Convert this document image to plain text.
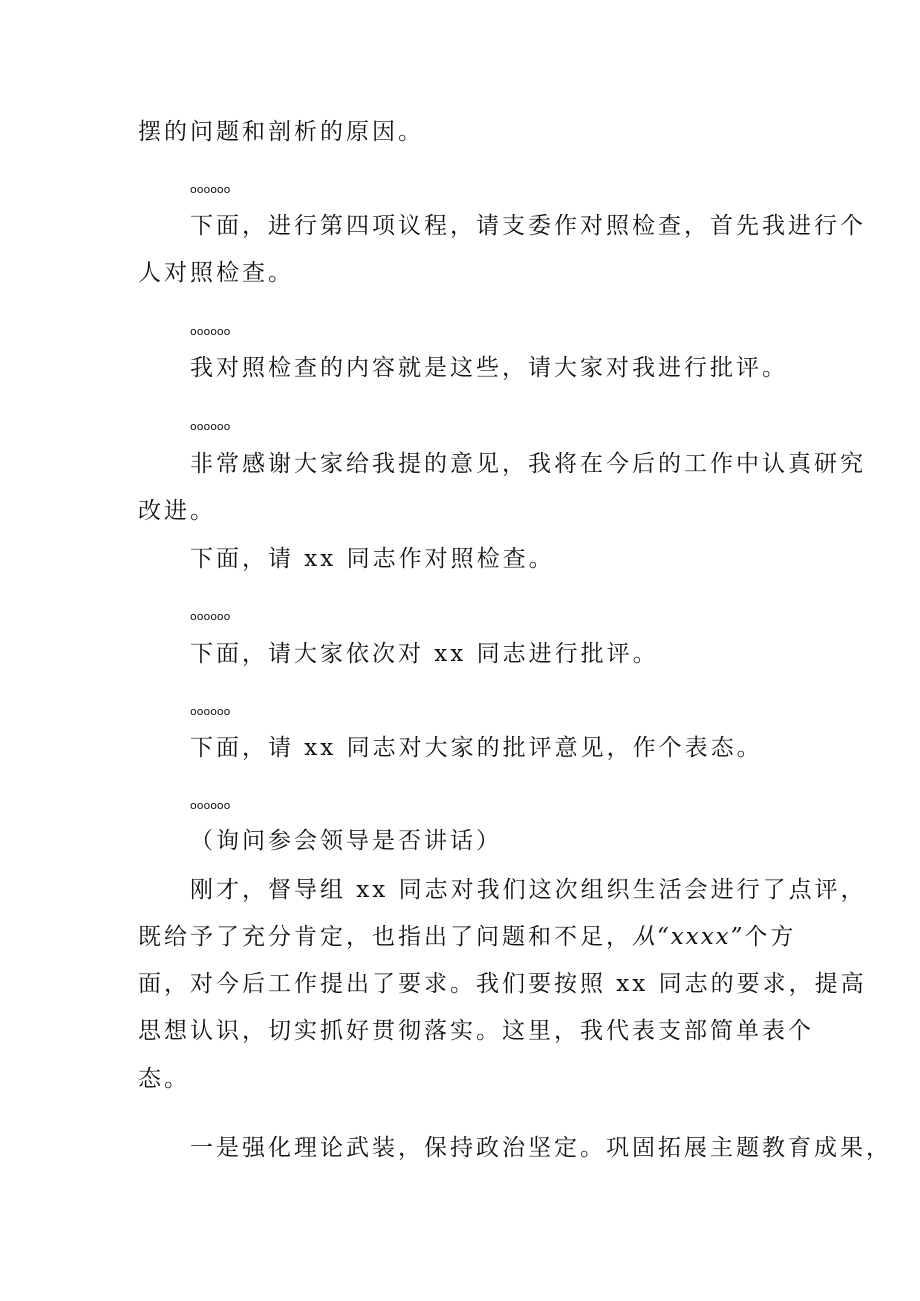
摆的问题和剖析的原因。
oooooo
下面，进行第四项议程，请支委作对照检查，首先我进行个
人对照检查。
oooooo
我对照检查的内容就是这些，请大家对我进行批评。
oooooo
非常感谢大家给我提的意见，我将在今后的工作中认真研究
改进。
下面，请 xx 同志作对照检查。
oooooo
下面，请大家依次对 xx 同志进行批评。
oooooo
下面，请 xx 同志对大家的批评意见，作个表态。
oooooo
（询问参会领导是否讲话）
刚才，督导组 xx 同志对我们这次组织生活会进行了点评，
既给予了充分肯定，也指出了问题和不足，从“xxxx”个方
面，对今后工作提出了要求。我们要按照 xx 同志的要求，提高
思想认识，切实抓好贯彻落实。这里，我代表支部简单表个
态。
一是强化理论武装，保持政治坚定。巩固拓展主题教育成果，
